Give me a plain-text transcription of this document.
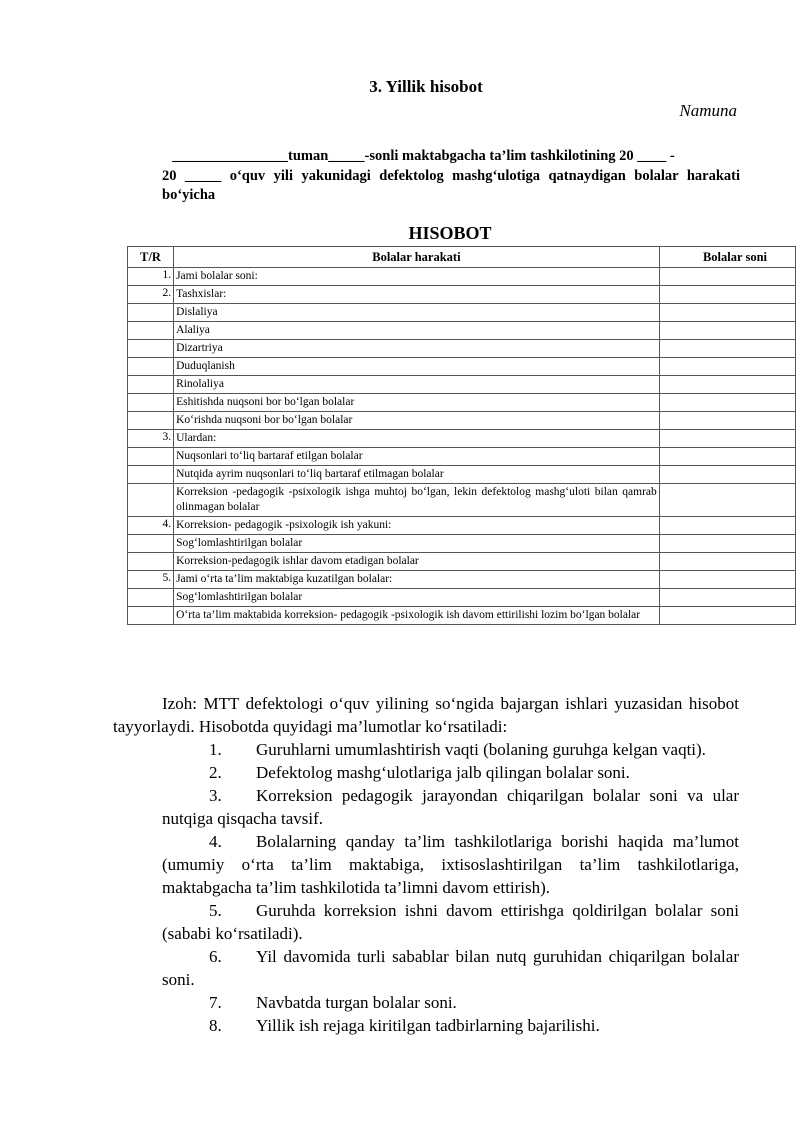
3. Yillik hisobot
Namuna
________________tuman_____-sonli maktabgacha ta’lim tashkilotining 20 ____ -
20 _____ o‘quv yili yakunidagi defektolog mashg‘ulotiga qatnaydigan bolalar harakati bo‘yicha
HISOBOT
T/R	Bolalar harakati	Bolalar soni
1.	Jami bolalar soni:	
2.	Tashxislar:	
	Dislaliya	
	Alaliya	
	Dizartriya	
	Duduqlanish	
	Rinolaliya	
	Eshitishda nuqsoni bor bo‘lgan bolalar	
	Ko‘rishda nuqsoni bor bo‘lgan bolalar	
3.	Ulardan:	
	Nuqsonlari to‘liq bartaraf etilgan bolalar	
	Nutqida ayrim nuqsonlari to‘liq bartaraf etilmagan bolalar	
	Korreksion -pedagogik -psixologik ishga muhtoj bo‘lgan, lekin defektolog mashg‘uloti bilan qamrab olinmagan bolalar	
4.	Korreksion- pedagogik -psixologik ish yakuni:	
	Sog‘lomlashtirilgan bolalar	
	Korreksion-pedagogik ishlar davom etadigan bolalar	
5.	Jami o‘rta ta’lim maktabiga kuzatilgan bolalar:	
	Sog‘lomlashtirilgan bolalar	
	O‘rta ta’lim maktabida korreksion- pedagogik -psixologik ish davom ettirilishi lozim bo‘lgan bolalar	
Izoh: MTT defektologi o‘quv yilining so‘ngida bajargan ishlari yuzasidan hisobot tayyorlaydi. Hisobotda quyidagi ma’lumotlar ko‘rsatiladi:
1. Guruhlarni umumlashtirish vaqti (bolaning guruhga kelgan vaqti).
2. Defektolog mashg‘ulotlariga jalb qilingan bolalar soni.
3. Korreksion pedagogik jarayondan chiqarilgan bolalar soni va ular nutqiga qisqacha tavsif.
4. Bolalarning qanday ta’lim tashkilotlariga borishi haqida ma’lumot (umumiy o‘rta ta’lim maktabiga, ixtisoslashtirilgan ta’lim tashkilotlariga, maktabgacha ta’lim tashkilotida ta’limni davom ettirish).
5. Guruhda korreksion ishni davom ettirishga qoldirilgan bolalar soni (sababi ko‘rsatiladi).
6. Yil davomida turli sabablar bilan nutq guruhidan chiqarilgan bolalar soni.
7. Navbatda turgan bolalar soni.
8. Yillik ish rejaga kiritilgan tadbirlarning bajarilishi.
